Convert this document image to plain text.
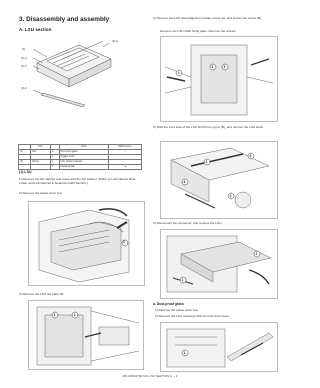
3. Disassembly and assembly
A. LSU section
(2)-a
(1)
(1)-a
(1)-b
(2)-b
	Unit		Parts	Maintenance
(1)	LSU	a	Dust-proof glass	○
		b	Toggler motor	
(2)	Others	a	LSU shutter solenoid	
		b	Cleaning bale	○▲
(1) LSU
1) Remove the left cabinet rear lower and the left cabinet. (Refer to Left Cabinet Rear Lower and Left Cabinet in External Outfit Section.)
2) Remove the waste toner box.
1
3) Remove the LSU left plate PA.
2	1
4) Remove the LSU slant adjustment plate screw (A), and loosen the screw (B).
Remove the LSU shaft fixing plate. Remove the screws.
2	3
1
5) Shift the front side of the LSU shaft from (A) to (B), and remove the LSU shaft.
3
2
4
1
6) Disconnect the connector, and remove the LSU.
2
1
a. Dust-proof glass
1) Remove the waste toner box.
2) Remove the LSU cleaning stick from the front cover.
1
MX-2300/2700 N/G LSU SECTION H – 3
